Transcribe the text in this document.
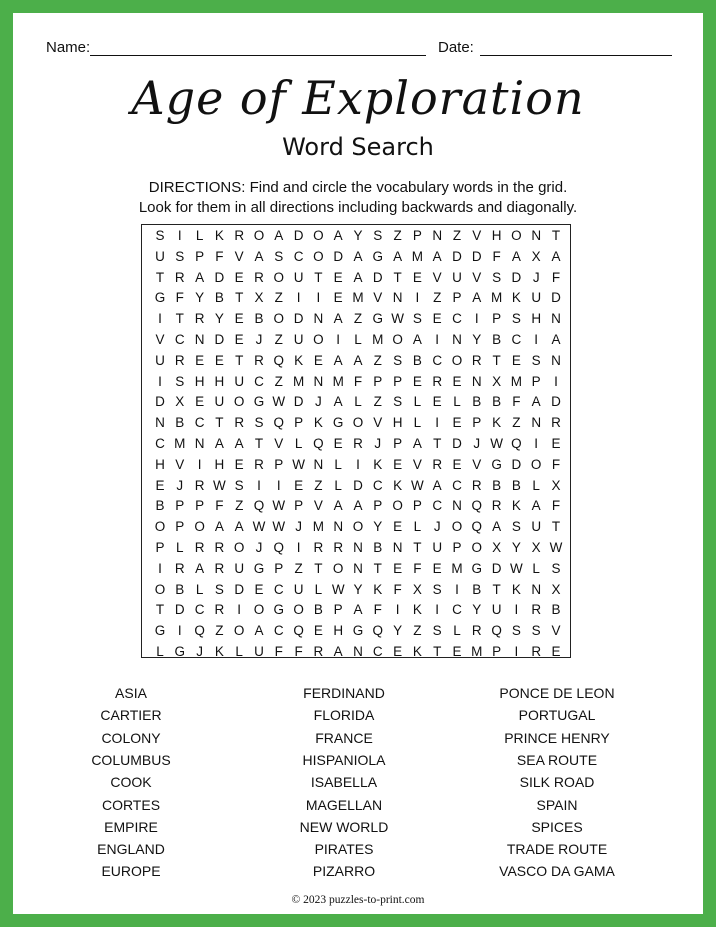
Name:	Date:
Age of Exploration
Word Search
DIRECTIONS: Find and circle the vocabulary words in the grid.
Look for them in all directions including backwards and diagonally.
S I	L K R O A D O A Y S Z P N Z V H O N T
U S P F V A S C O D A G A M A D D F A X A
T R A D E R O U T E A D T E V U V S D J F
G F Y B T X Z	I	I E M V N I	Z P A M K U D
I	T R Y E B O D N A Z G W S E C I P S H N
V C N D E J Z U O I	L M O A I N Y B C I A
U R E E T R Q K E A A Z S B C O R T E S N
I S H H U C Z M N M F P P E R E N X M P I
D X E U O G W D J A L Z S L E L B B F A D
N B C T R S Q P K G O V H L	I E P K Z N R
C M N A A T V L Q E R J P A T D J W Q I E
H V I H E R P W N L	I K E V R E V G D O F
E J R W S I	I E Z L D C K W A C R B B L X
B P P F Z Q W P V A A P O P C N Q R K A F
O P O A A W W J M N O Y E L J O Q A S U T
P L R R O J Q I R R N B N T U P O X Y X W
I R A R U G P Z T O N T E F E M G D W L S
O B L S D E C U L W Y K F X S I B T K N X
T D C R I O G O B P A F	I K I C Y U I R B
G I Q Z O A C Q E H G Q Y Z S L R Q S S V
L G J K L U F F R A N C E K T E M P I R E
ASIA
CARTIER
COLONY
COLUMBUS
COOK
CORTES
EMPIRE
ENGLAND
EUROPE
FERDINAND
FLORIDA
FRANCE
HISPANIOLA
ISABELLA
MAGELLAN
NEW WORLD
PIRATES
PIZARRO
PONCE DE LEON
PORTUGAL
PRINCE HENRY
SEA ROUTE
SILK ROAD
SPAIN
SPICES
TRADE ROUTE
VASCO DA GAMA
© 2023 puzzles-to-print.com
